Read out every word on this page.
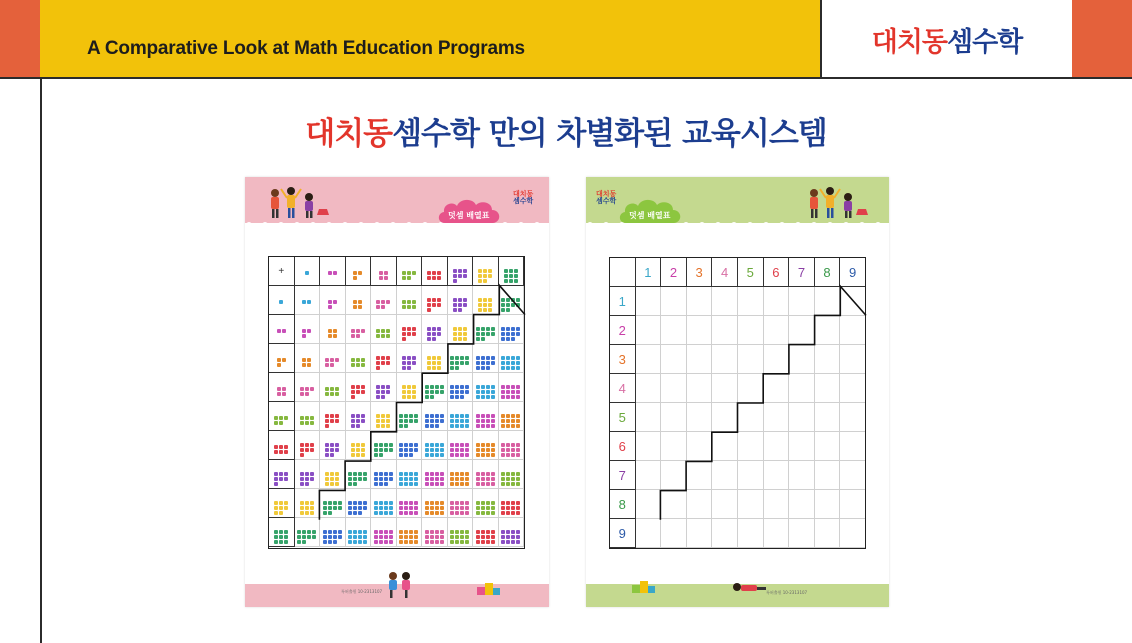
A Comparative Look at Math Education Programs	대치동셈수학
대치동셈수학 만의 차별화된 교육시스템
덧셈 배열표
대치동
셈수학
특허출원 10-2313107
+	

덧셈 배열표
대치동
셈수학
특허출원 10-2313107
	1	2	3	4	5	6	7	8	9
1									
2									
3									
4									
5									
6									
7									
8									
9									
